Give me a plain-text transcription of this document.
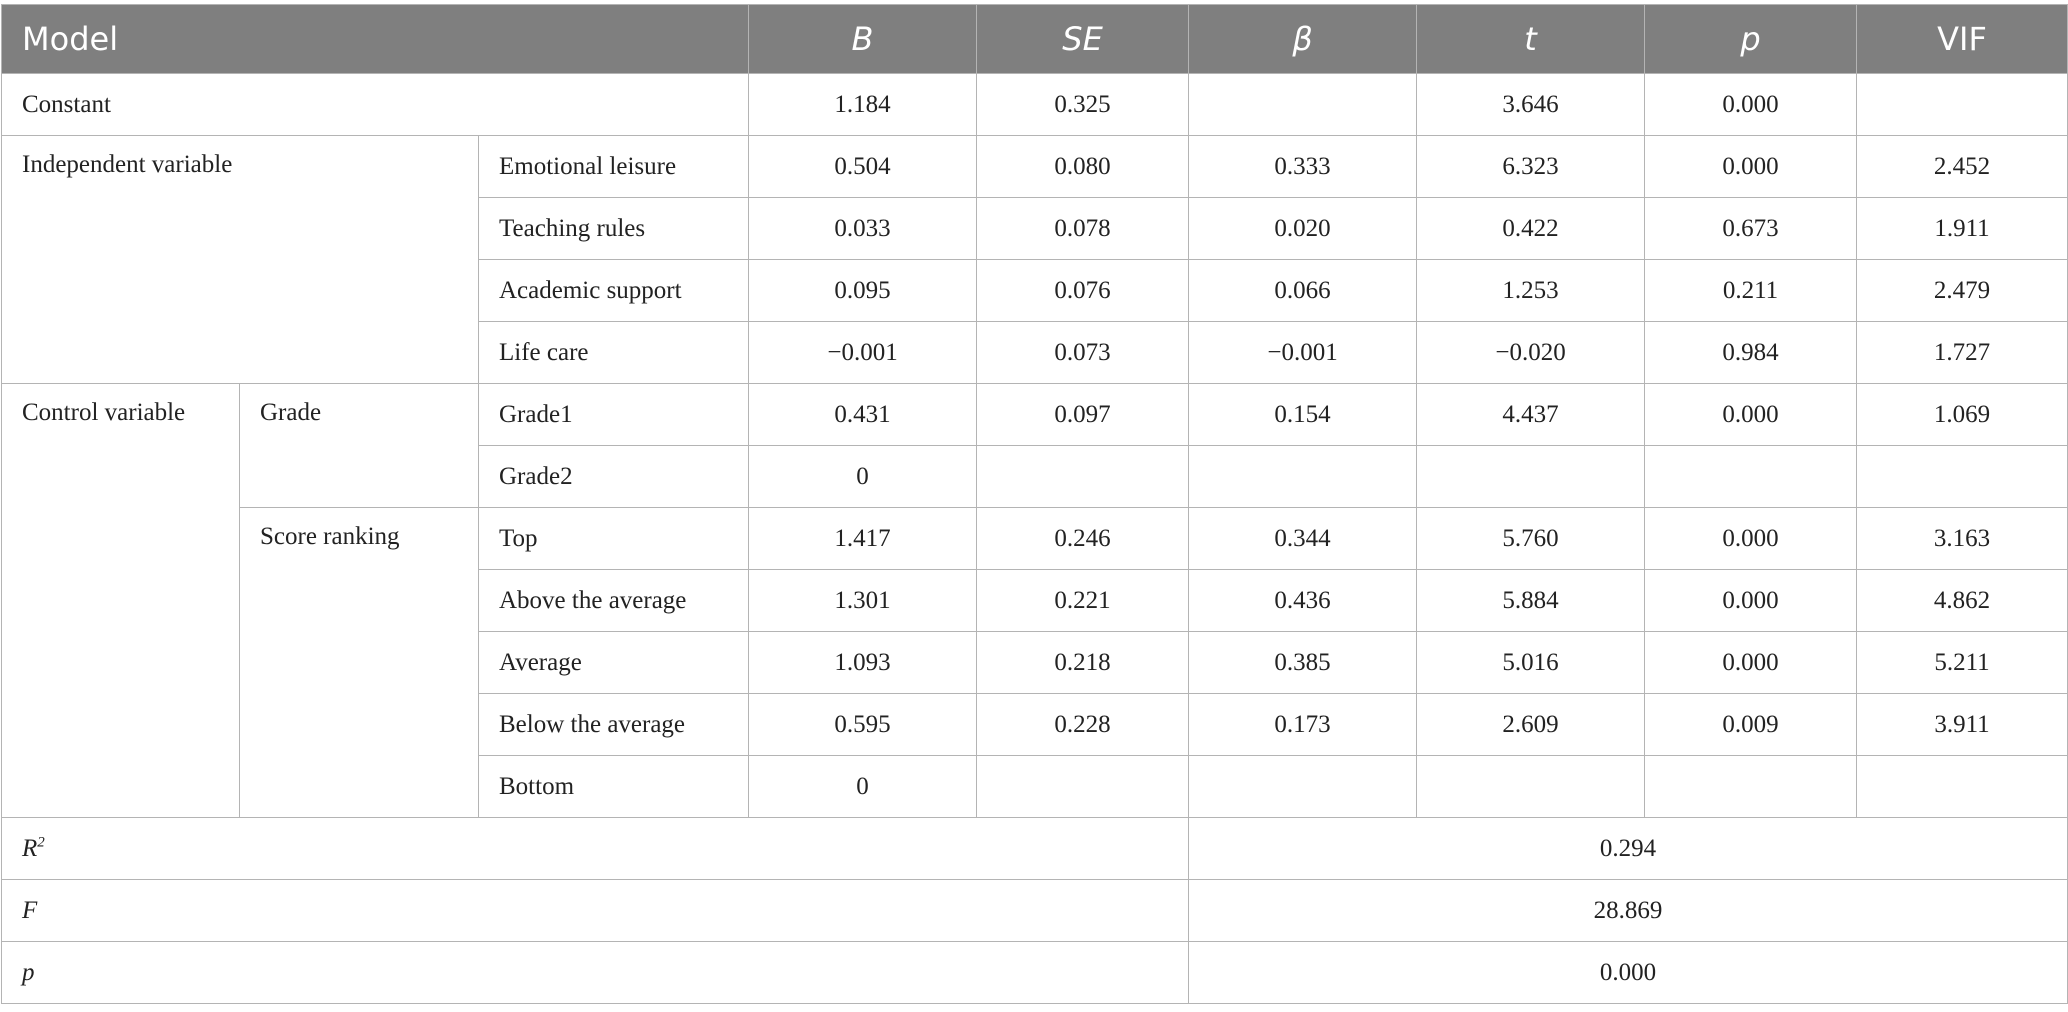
Model			B	SE	β	t	p	VIF
Constant			1.184	0.325		3.646	0.000	
Independent variable		Emotional leisure	0.504	0.080	0.333	6.323	0.000	2.452
		Teaching rules	0.033	0.078	0.020	0.422	0.673	1.911
		Academic support	0.095	0.076	0.066	1.253	0.211	2.479
		Life care	−0.001	0.073	−0.001	−0.020	0.984	1.727
Control variable	Grade	Grade1	0.431	0.097	0.154	4.437	0.000	1.069
		Grade2	0					
	Score ranking	Top	1.417	0.246	0.344	5.760	0.000	3.163
		Above the average	1.301	0.221	0.436	5.884	0.000	4.862
		Average	1.093	0.218	0.385	5.016	0.000	5.211
		Below the average	0.595	0.228	0.173	2.609	0.009	3.911
		Bottom	0					
$R^2$					0.294			
F					28.869			
p					0.000			
